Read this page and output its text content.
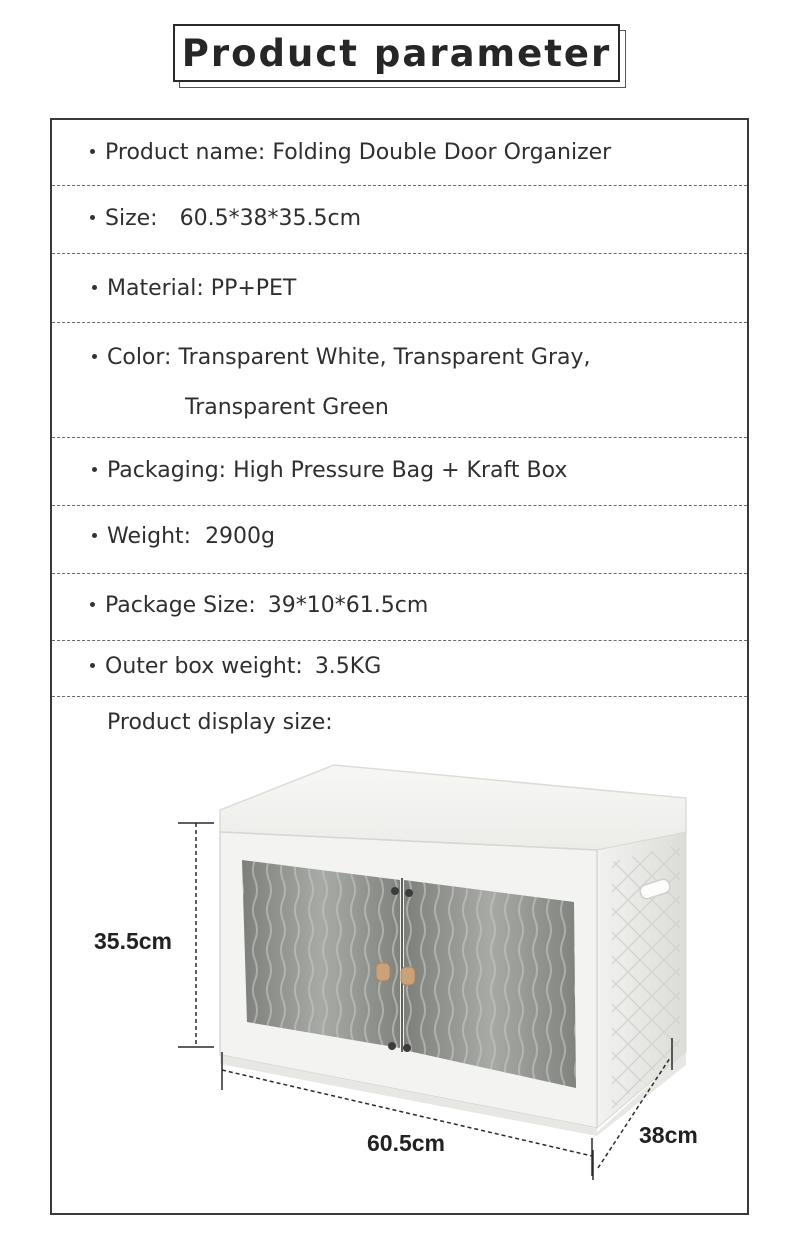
Product parameter
Product name: Folding Double Door Organizer
Size: 60.5*38*35.5cm
Material: PP+PET
Color: Transparent White, Transparent Gray,
Transparent Green
Packaging: High Pressure Bag + Kraft Box
Weight: 2900g
Package Size: 39*10*61.5cm
Outer box weight: 3.5KG
Product display size:
35.5cm
60.5cm	38cm
